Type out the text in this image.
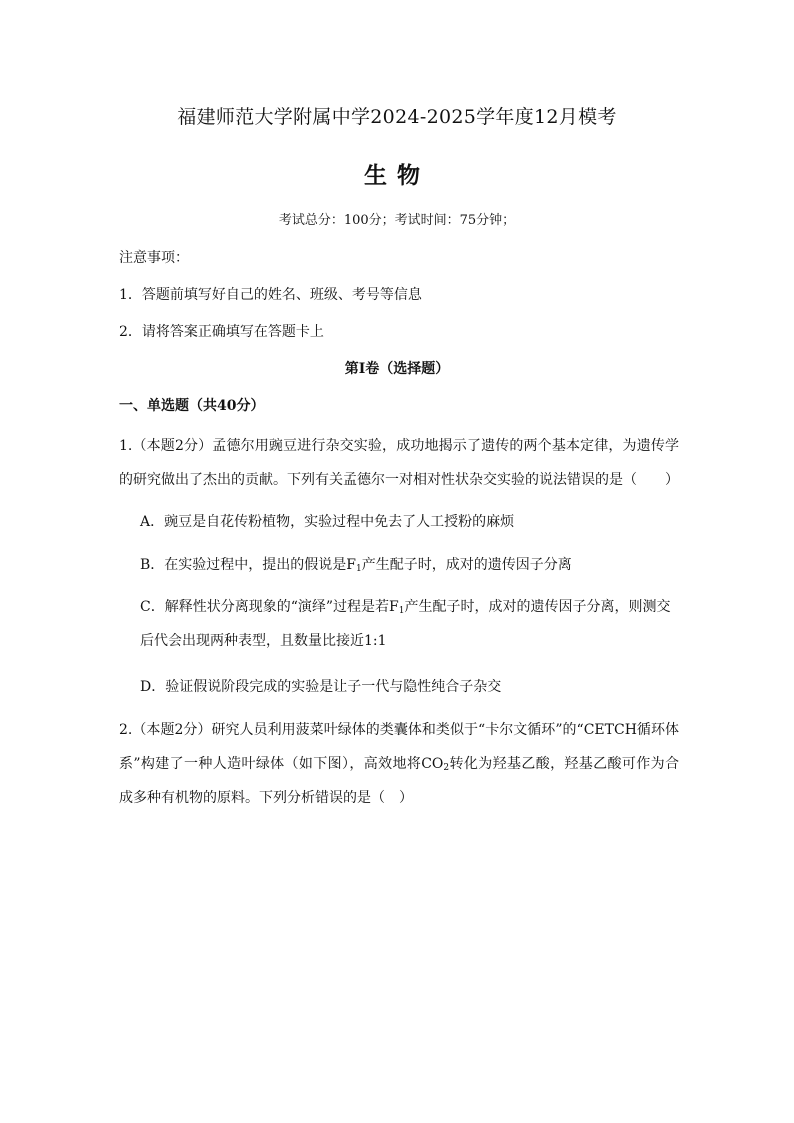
福建师范大学附属中学2024-2025学年度12月模考
生物
考试总分：100分；考试时间：75分钟；
注意事项：
1．答题前填写好自己的姓名、班级、考号等信息
2．请将答案正确填写在答题卡上
第I卷（选择题）
一、单选题（共40分）
1.（本题2分）孟德尔用豌豆进行杂交实验，成功地揭示了遗传的两个基本定律，为遗传学的研究做出了杰出的贡献。下列有关孟德尔一对相对性状杂交实验的说法错误的是（　　）
A．豌豆是自花传粉植物，实验过程中免去了人工授粉的麻烦
B．在实验过程中，提出的假说是$F_1$产生配子时，成对的遗传因子分离
C．解释性状分离现象的“演绎”过程是若$F_1$产生配子时，成对的遗传因子分离，则测交后代会出现两种表型，且数量比接近1:1
D．验证假说阶段完成的实验是让子一代与隐性纯合子杂交
2.（本题2分）研究人员利用菠菜叶绿体的类囊体和类似于“卡尔文循环”的“CETCH循环体系”构建了一种人造叶绿体（如下图），高效地将$CO_2$转化为羟基乙酸，羟基乙酸可作为合成多种有机物的原料。下列分析错误的是（　）
